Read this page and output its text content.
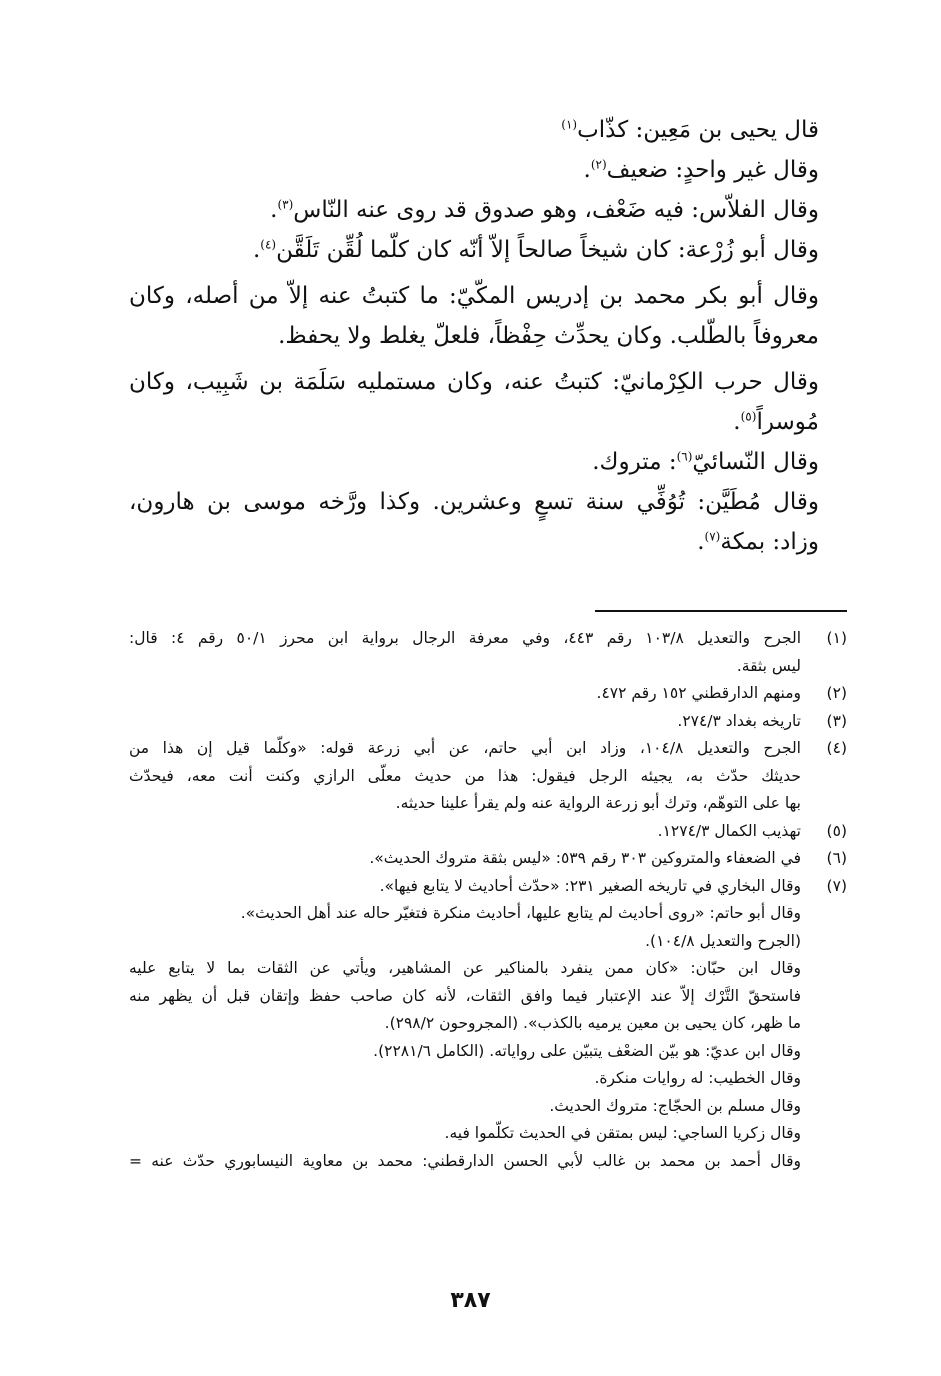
قال يحيى بن مَعِين: كذّاب$^{(١)}$
وقال غير واحدٍ: ضعيف$^{(٢)}$.
وقال الفلاّس: فيه ضَعْف، وهو صدوق قد روى عنه النّاس$^{(٣)}$.
وقال أبو زُرْعة: كان شيخاً صالحاً إلاّ أنّه كان كلّما لُقِّن تَلَقَّن$^{(٤)}$.
وقال أبو بكر محمد بن إدريس المكّيّ: ما كتبتُ عنه إلاّ من أصله، وكان
معروفاً بالطّلب. وكان يحدِّث حِفْظاً، فلعلّ يغلط ولا يحفظ.
وقال حرب الكِرْمانيّ: كتبتُ عنه، وكان مستمليه سَلَمَة بن شَبِيب، وكان
مُوسراً$^{(٥)}$.
وقال النّسائيّ$^{(٦)}$: متروك.
وقال مُطَيَّن: تُوُفِّي سنة تسعٍ وعشرين. وكذا ورَّخه موسى بن هارون،
وزاد: بمكة$^{(٧)}$.
(١)
الجرح والتعديل ١٠٣/٨ رقم ٤٤٣، وفي معرفة الرجال برواية ابن محرز ٥٠/١ رقم ٤: قال:
ليس بثقة.
(٢)
ومنهم الدارقطني ١٥٢ رقم ٤٧٢.
(٣)
تاريخه بغداد ٢٧٤/٣.
(٤)
الجرح والتعديل ١٠٤/٨، وزاد ابن أبي حاتم، عن أبي زرعة قوله: «وكلّما قيل إن هذا من
حديثك حدّث به، يجيئه الرجل فيقول: هذا من حديث معلّى الرازي وكنت أنت معه، فيحدّث
بها على التوهّم، وترك أبو زرعة الرواية عنه ولم يقرأ علينا حديثه.
(٥)
تهذيب الكمال ١٢٧٤/٣.
(٦)
في الضعفاء والمتروكين ٣٠٣ رقم ٥٣٩: «ليس بثقة متروك الحديث».
(٧)
وقال البخاري في تاريخه الصغير ٢٣١: «حدّث أحاديث لا يتابع فيها».
وقال أبو حاتم: «روى أحاديث لم يتابع عليها، أحاديث منكرة فتغيّر حاله عند أهل الحديث».
(الجرح والتعديل ١٠٤/٨).
وقال ابن حبّان: «كان ممن ينفرد بالمناكير عن المشاهير، ويأتي عن الثقات بما لا يتابع عليه
فاستحقّ التَّرْك إلاّ عند الإعتبار فيما وافق الثقات، لأنه كان صاحب حفظ وإتقان قبل أن يظهر منه
ما ظهر، كان يحيى بن معين يرميه بالكذب». (المجروحون ٢٩٨/٢).
وقال ابن عديّ: هو بيّن الضعْف يتبيّن على رواياته. (الكامل ٢٢٨١/٦).
وقال الخطيب: له روايات منكرة.
وقال مسلم بن الحجّاج: متروك الحديث.
وقال زكريا الساجي: ليس بمتقن في الحديث تكلّموا فيه.
وقال أحمد بن محمد بن غالب لأبي الحسن الدارقطني: محمد بن معاوية النيسابوري حدّث عنه =
٣٨٧
